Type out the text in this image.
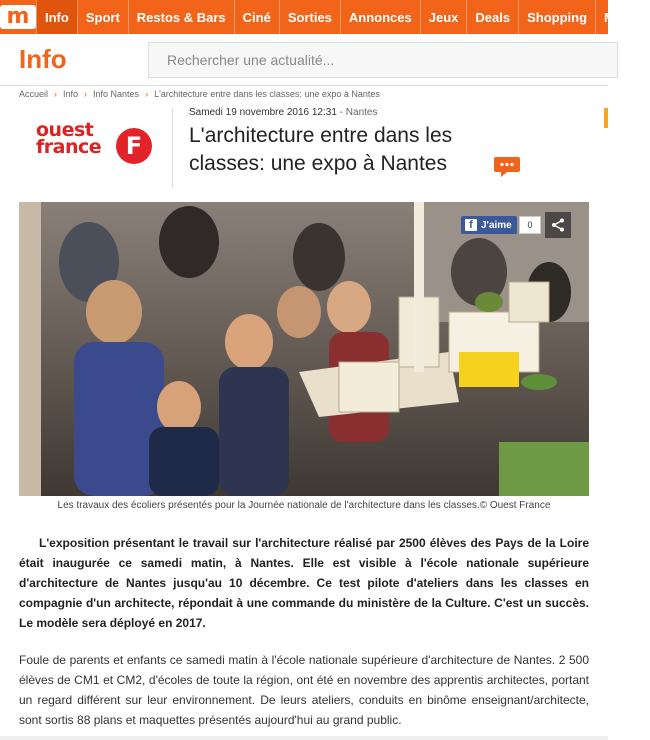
m	Info	Sport	Restos & Bars	Ciné	Sorties	Annonces	Jeux	Deals	Shopping	Météo
Info	Rechercher une actualité...
Accueil › Info › Info Nantes › L'architecture entre dans les classes: une expo à Nantes
ouest
france	F
Samedi 19 novembre 2016 12:31 - Nantes
L'architecture entre dans les classes: une expo à Nantes
f J'aime	0
Les travaux des écoliers présentés pour la Journée nationale de l'architecture dans les classes.© Ouest France

L'exposition présentant le travail sur l'architecture réalisé par 2500 élèves des Pays de la Loire était inaugurée ce samedi matin, à Nantes. Elle est visible à l'école nationale supérieure d'architecture de Nantes jusqu'au 10 décembre. Ce test pilote d'ateliers dans les classes en compagnie d'un architecte, répondait à une commande du ministère de la Culture. C'est un succès. Le modèle sera déployé en 2017.

Foule de parents et enfants ce samedi matin à l'école nationale supérieure d'architecture de Nantes. 2 500 élèves de CM1 et CM2, d'écoles de toute la région, ont été en novembre des apprentis architectes, portant un regard différent sur leur environnement. De leurs ateliers, conduits en binôme enseignant/architecte, sont sortis 88 plans et maquettes présentés aujourd'hui au grand public.
